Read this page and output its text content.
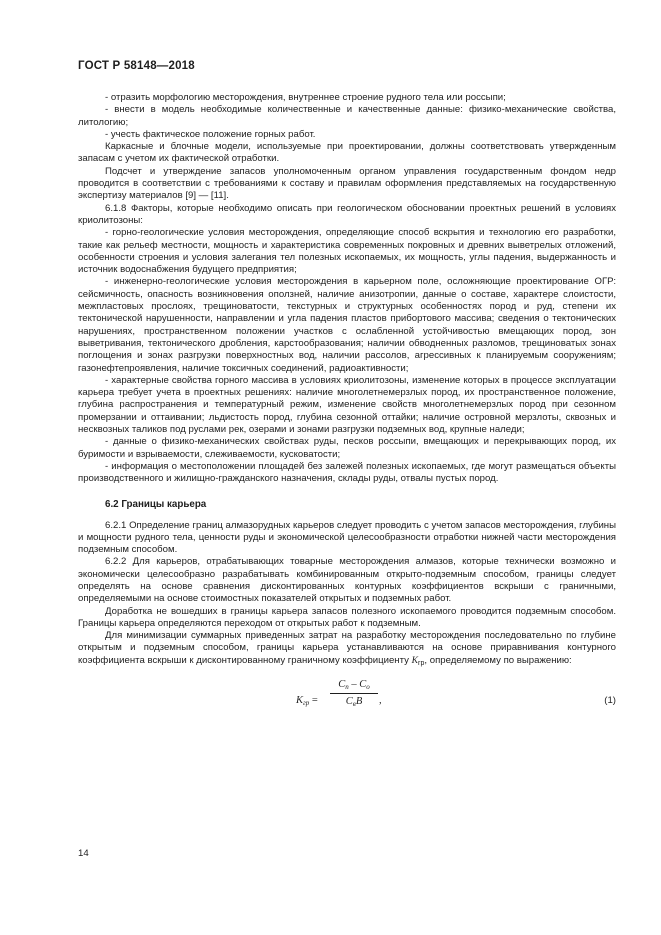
ГОСТ Р 58148—2018

- отразить морфологию месторождения, внутреннее строение рудного тела или россыпи;

- внести в модель необходимые количественные и качественные данные: физико-механические свойства, литологию;

- учесть фактическое положение горных работ.

Каркасные и блочные модели, используемые при проектировании, должны соответствовать утвержденным запасам с учетом их фактической отработки.

Подсчет и утверждение запасов уполномоченным органом управления государственным фондом недр проводится в соответствии с требованиями к составу и правилам оформления представляемых на государственную экспертизу материалов [9] — [11].

6.1.8 Факторы, которые необходимо описать при геологическом обосновании проектных решений в условиях криолитозоны:

- горно-геологические условия месторождения, определяющие способ вскрытия и технологию его разработки, такие как рельеф местности, мощность и характеристика современных покровных и древних выветрелых отложений, особенности строения и условия залегания тел полезных ископаемых, их мощность, углы падения, выдержанность и источник водоснабжения будущего предприятия;

- инженерно-геологические условия месторождения в карьерном поле, осложняющие проектирование ОГР: сейсмичность, опасность возникновения оползней, наличие анизотропии, данные о составе, характере слоистости, межпластовых прослоях, трещиноватости, текстурных и структурных особенностях пород и руд, степени их тектонической нарушенности, направлении и угла падения пластов прибортового массива; сведения о тектонических нарушениях, пространственном положении участков с ослабленной устойчивостью вмещающих пород, зон выветривания, тектонического дробления, карстообразования; наличии обводненных разломов, трещиноватых зонах поглощения и зонах разгрузки поверхностных вод, наличии рассолов, агрессивных к планируемым сооружениям; газонефтепроявления, наличие токсичных соединений, радиоактивности;

- характерные свойства горного массива в условиях криолитозоны, изменение которых в процессе эксплуатации карьера требует учета в проектных решениях: наличие многолетнемерзлых пород, их пространственное положение, глубина распространения и температурный режим, изменение свойств многолетнемерзлых пород при сезонном промерзании и оттаивании; льдистость пород, глубина сезонной оттайки; наличие островной мерзлоты, сквозных и несквозных таликов под руслами рек, озерами и зонами разгрузки подземных вод, крупные наледи;

- данные о физико-механических свойствах руды, песков россыпи, вмещающих и перекрывающих пород, их буримости и взрываемости, слеживаемости, кусковатости;

- информация о местоположении площадей без залежей полезных ископаемых, где могут размещаться объекты производственного и жилищно-гражданского назначения, склады руды, отвалы пустых пород.

6.2 Границы карьера

6.2.1 Определение границ алмазорудных карьеров следует проводить с учетом запасов месторождения, глубины и мощности рудного тела, ценности руды и экономической целесообразности отработки нижней части месторождения подземным способом.

6.2.2 Для карьеров, отрабатывающих товарные месторождения алмазов, которые технически возможно и экономически целесообразно разрабатывать комбинированным открыто-подземным способом, границы следует определять на основе сравнения дисконтированных контурных коэффициентов вскрыши с граничными, определяемыми на основе стоимостных показателей открытых и подземных работ.

Доработка не вошедших в границы карьера запасов полезного ископаемого проводится подземным способом. Границы карьера определяются переходом от открытых работ к подземным.

Для минимизации суммарных приведенных затрат на разработку месторождения последовательно по глубине открытым и подземным способом, границы карьера устанавливаются на основе приравнивания контурного коэффициента вскрыши к дисконтированному граничному коэффициенту $K_{гр}$, определяемому по выражению:

$K_{гр}$ =
$C_п - C_о$
$C_вB$	,	(1)
14
